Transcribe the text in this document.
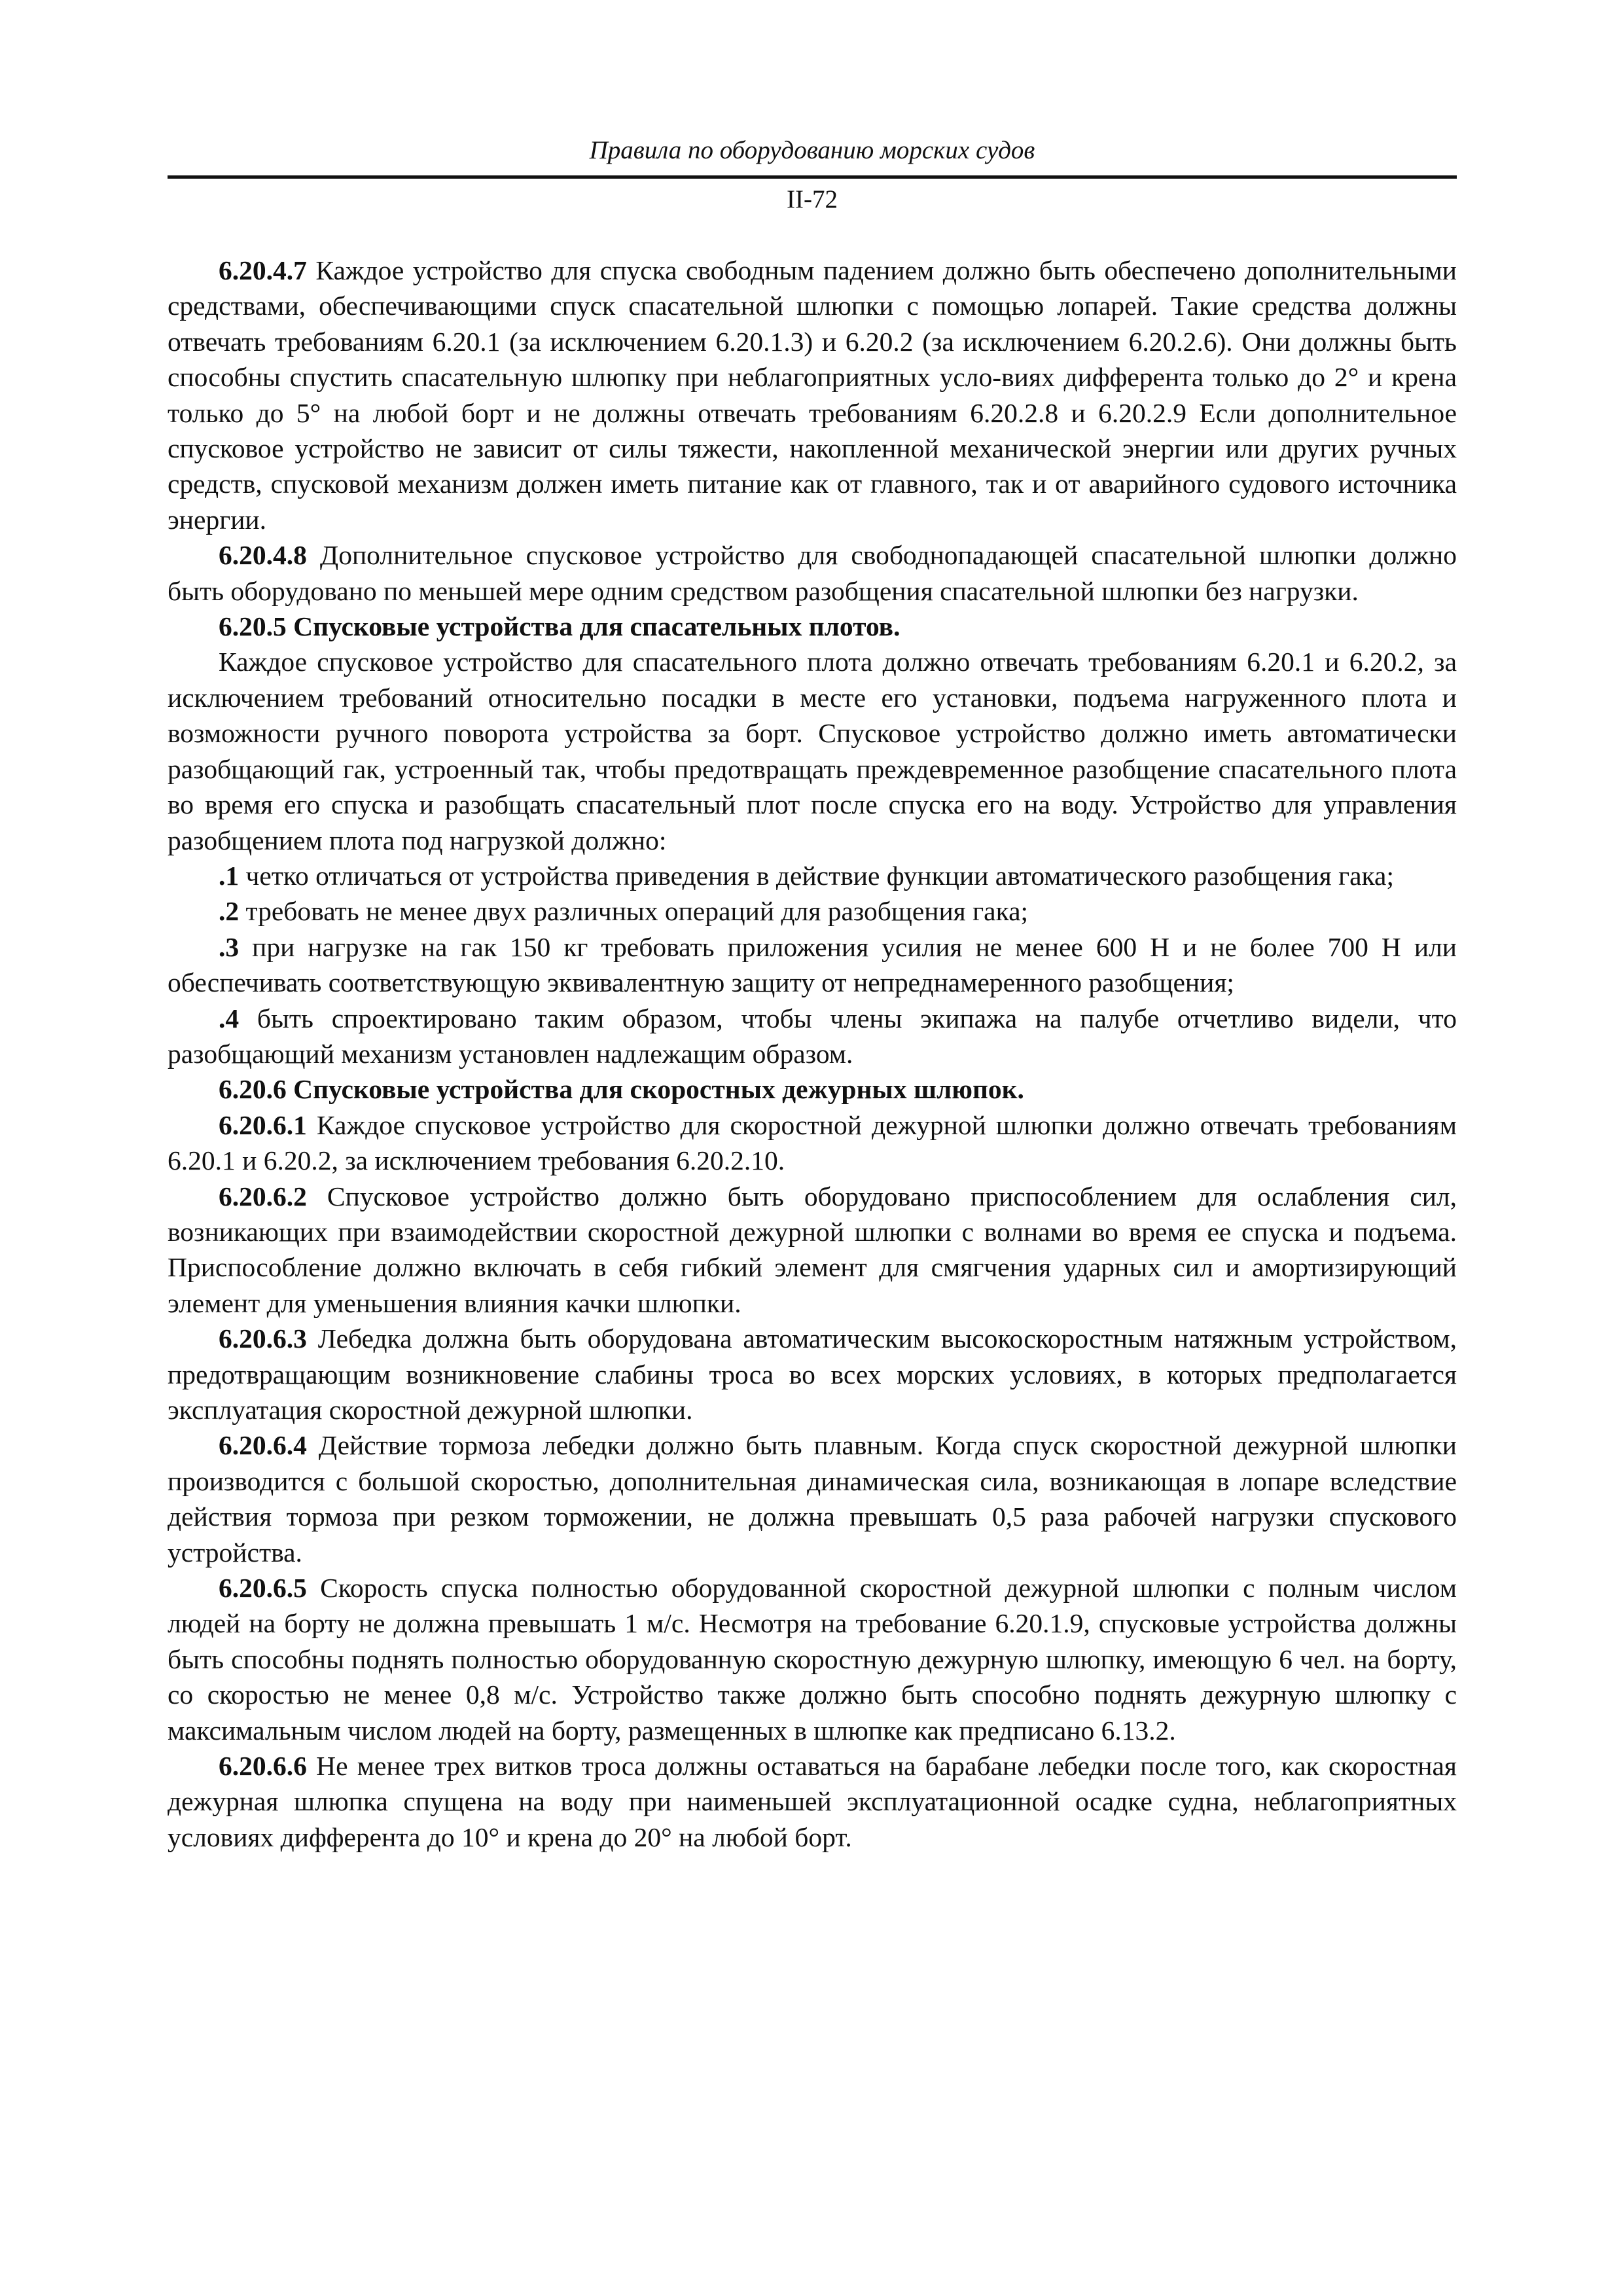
Правила по оборудованию морских судов
II-72

6.20.4.7 Каждое устройство для спуска свободным падением должно быть обеспечено дополнительными средствами, обеспечивающими спуск спасательной шлюпки с помощью лопарей. Такие средства должны отвечать требованиям 6.20.1 (за исключением 6.20.1.3) и 6.20.2 (за исключением 6.20.2.6). Они должны быть способны спустить спасательную шлюпку при неблагоприятных усло-виях дифферента только до 2° и крена только до 5° на любой борт и не должны отвечать требованиям 6.20.2.8 и 6.20.2.9 Если дополнительное спусковое устройство не зависит от силы тяжести, накопленной механической энергии или других ручных средств, спусковой механизм должен иметь питание как от главного, так и от аварийного судового источника энергии.

6.20.4.8 Дополнительное спусковое устройство для свободнопадающей спасательной шлюпки должно быть оборудовано по меньшей мере одним средством разобщения спасательной шлюпки без нагрузки.

6.20.5 Спусковые устройства для спасательных плотов.

Каждое спусковое устройство для спасательного плота должно отвечать требованиям 6.20.1 и 6.20.2, за исключением требований относительно посадки в месте его установки, подъема нагруженного плота и возможности ручного поворота устройства за борт. Спусковое устройство должно иметь автоматически разобщающий гак, устроенный так, чтобы предотвращать преждевременное разобщение спасательного плота во время его спуска и разобщать спасательный плот после спуска его на воду. Устройство для управления разобщением плота под нагрузкой должно:

.1 четко отличаться от устройства приведения в действие функции автоматического разобщения гака;

.2 требовать не менее двух различных операций для разобщения гака;

.3 при нагрузке на гак 150 кг требовать приложения усилия не менее 600 Н и не более 700 Н или обеспечивать соответствующую эквивалентную защиту от непреднамеренного разобщения;

.4 быть спроектировано таким образом, чтобы члены экипажа на палубе отчетливо видели, что разобщающий механизм установлен надлежащим образом.

6.20.6 Спусковые устройства для скоростных дежурных шлюпок.

6.20.6.1 Каждое спусковое устройство для скоростной дежурной шлюпки должно отвечать требованиям 6.20.1 и 6.20.2, за исключением требования 6.20.2.10.

6.20.6.2 Спусковое устройство должно быть оборудовано приспособлением для ослабления сил, возникающих при взаимодействии скоростной дежурной шлюпки с волнами во время ее спуска и подъема. Приспособление должно включать в себя гибкий элемент для смягчения ударных сил и амортизирующий элемент для уменьшения влияния качки шлюпки.

6.20.6.3 Лебедка должна быть оборудована автоматическим высокоскоростным натяжным устройством, предотвращающим возникновение слабины троса во всех морских условиях, в которых предполагается эксплуатация скоростной дежурной шлюпки.

6.20.6.4 Действие тормоза лебедки должно быть плавным. Когда спуск скоростной дежурной шлюпки производится с большой скоростью, дополнительная динамическая сила, возникающая в лопаре вследствие действия тормоза при резком торможении, не должна превышать 0,5 раза рабочей нагрузки спускового устройства.

6.20.6.5 Скорость спуска полностью оборудованной скоростной дежурной шлюпки с полным числом людей на борту не должна превышать 1 м/с. Несмотря на требование 6.20.1.9, спусковые устройства должны быть способны поднять полностью оборудованную скоростную дежурную шлюпку, имеющую 6 чел. на борту, со скоростью не менее 0,8 м/с. Устройство также должно быть способно поднять дежурную шлюпку с максимальным числом людей на борту, размещенных в шлюпке как предписано 6.13.2.

6.20.6.6 Не менее трех витков троса должны оставаться на барабане лебедки после того, как скоростная дежурная шлюпка спущена на воду при наименьшей эксплуатационной осадке судна, неблагоприятных условиях дифферента до 10° и крена до 20° на любой борт.
